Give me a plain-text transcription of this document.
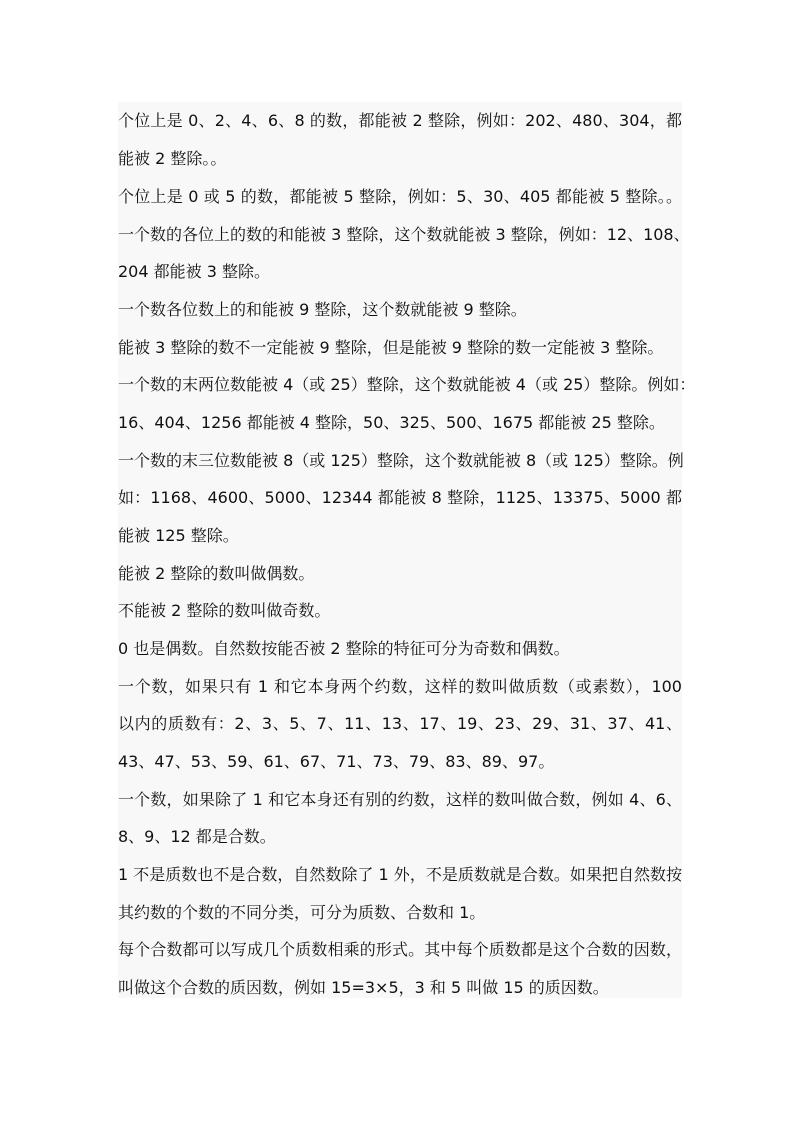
个位上是 0、2、4、6、8 的数，都能被 2 整除，例如：202、480、304，都
能被 2 整除。。
个位上是 0 或 5 的数，都能被 5 整除，例如：5、30、405 都能被 5 整除。。
一个数的各位上的数的和能被 3 整除，这个数就能被 3 整除，例如：12、108、
204 都能被 3 整除。
一个数各位数上的和能被 9 整除，这个数就能被 9 整除。
能被 3 整除的数不一定能被 9 整除，但是能被 9 整除的数一定能被 3 整除。
一个数的末两位数能被 4（或 25）整除，这个数就能被 4（或 25）整除。例如：
16、404、1256 都能被 4 整除，50、325、500、1675 都能被 25 整除。
一个数的末三位数能被 8（或 125）整除，这个数就能被 8（或 125）整除。例
如：1168、4600、5000、12344 都能被 8 整除，1125、13375、5000 都
能被 125 整除。
能被 2 整除的数叫做偶数。
不能被 2 整除的数叫做奇数。
0 也是偶数。自然数按能否被 2 整除的特征可分为奇数和偶数。
一个数，如果只有 1 和它本身两个约数，这样的数叫做质数（或素数），100
以内的质数有：2、3、5、7、11、13、17、19、23、29、31、37、41、
43、47、53、59、61、67、71、73、79、83、89、97。
一个数，如果除了 1 和它本身还有别的约数，这样的数叫做合数，例如 4、6、
8、9、12 都是合数。
1 不是质数也不是合数，自然数除了 1 外，不是质数就是合数。如果把自然数按
其约数的个数的不同分类，可分为质数、合数和 1。
每个合数都可以写成几个质数相乘的形式。其中每个质数都是这个合数的因数，
叫做这个合数的质因数，例如 15=3×5，3 和 5 叫做 15 的质因数。
